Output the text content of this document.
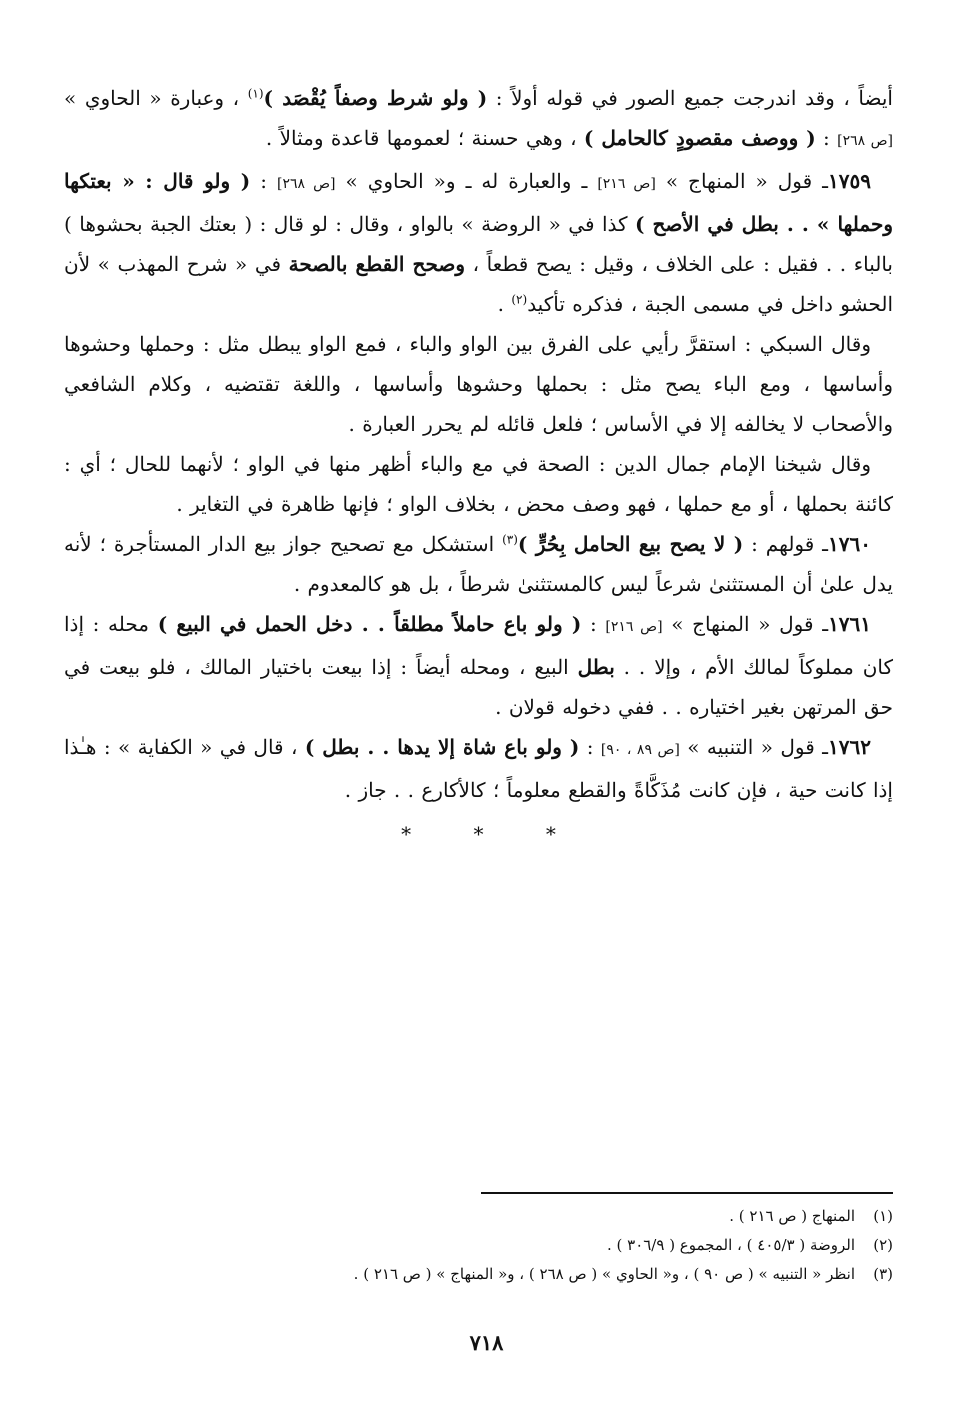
أيضاً ، وقد اندرجت جميع الصور في قوله أولاً : ( ولو شرط وصفاً يُقْصَد )$^{(١)}$ ، وعبارة « الحاوي » [ص ٢٦٨] : ( ووصف مقصودٍ كالحامل ) ، وهي حسنة ؛ لعمومها قاعدة ومثالاً .

١٧٥٩ـ قول « المنهاج » [ص ٢١٦] ـ والعبارة له ـ و« الحاوي » [ص ٢٦٨] : ( ولو قال : « بعتكها وحملها » . . بطل في الأصح ) كذا في « الروضة » بالواو ، وقال : لو قال : ( بعتك الجبة بحشوها ) بالباء . . فقيل : على الخلاف ، وقيل : يصح قطعاً ، وصحح القطع بالصحة في « شرح المهذب » لأن الحشو داخل في مسمى الجبة ، فذكره تأكيد$^{(٢)}$ .

وقال السبكي : استقرَّ رأيي على الفرق بين الواو والباء ، فمع الواو يبطل مثل : وحملها وحشوها وأساسها ، ومع الباء يصح مثل : بحملها وحشوها وأساسها ، واللغة تقتضيه ، وكلام الشافعي والأصحاب لا يخالفه إلا في الأساس ؛ فلعل قائله لم يحرر العبارة .

وقال شيخنا الإمام جمال الدين : الصحة في مع والباء أظهر منها في الواو ؛ لأنهما للحال ؛ أي : كائنة بحملها ، أو مع حملها ، فهو وصف محض ، بخلاف الواو ؛ فإنها ظاهرة في التغاير .

١٧٦٠ـ قولهم : ( لا يصح بيع الحامل بِحُرٍّ )$^{(٣)}$ استشكل مع تصحيح جواز بيع الدار المستأجرة ؛ لأنه يدل علىٰ أن المستثنىٰ شرعاً ليس كالمستثنىٰ شرطاً ، بل هو كالمعدوم .

١٧٦١ـ قول « المنهاج » [ص ٢١٦] : ( ولو باع حاملاً مطلقاً . . دخل الحمل في البيع ) محله : إذا كان مملوكاً لمالك الأم ، وإلا . . بطل البيع ، ومحله أيضاً : إذا بيعت باختيار المالك ، فلو بيعت في حق المرتهن بغير اختياره . . ففي دخوله قولان .

١٧٦٢ـ قول « التنبيه » [ص ٨٩ ، ٩٠] : ( ولو باع شاة إلا يدها . . بطل ) ، قال في « الكفاية » : هـٰذا إذا كانت حية ، فإن كانت مُذَكَّاةً والقطع معلوماً ؛ كالأكارع . . جاز .

* * *
(١)
المنهاج ( ص ٢١٦ ) .
(٢)
الروضة ( ٤٠٥/٣ ) ، المجموع ( ٣٠٦/٩ ) .
(٣)
انظر « التنبيه » ( ص ٩٠ ) ، و« الحاوي » ( ص ٢٦٨ ) ، و« المنهاج » ( ص ٢١٦ ) .
٧١٨
